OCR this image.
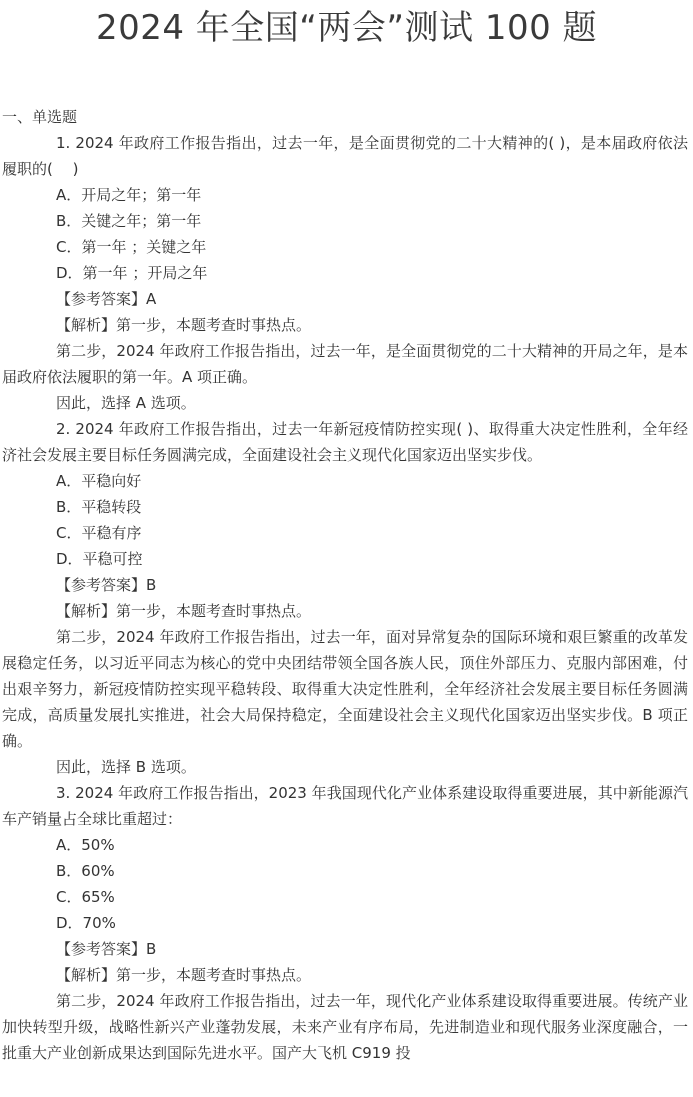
2024 年全国“两会”测试 100 题

一、单选题

1. 2024 年政府工作报告指出，过去一年，是全面贯彻党的二十大精神的( )，是本届政府依法履职的(　 )

A．开局之年；第一年

B．关键之年；第一年

C．第一年 ；关键之年

D．第一年 ；开局之年

【参考答案】A

【解析】第一步，本题考查时事热点。

第二步，2024 年政府工作报告指出，过去一年，是全面贯彻党的二十大精神的开局之年，是本届政府依法履职的第一年。A 项正确。

因此，选择 A 选项。

2. 2024 年政府工作报告指出，过去一年新冠疫情防控实现( )、取得重大决定性胜利，全年经济社会发展主要目标任务圆满完成，全面建设社会主义现代化国家迈出坚实步伐。

A．平稳向好

B．平稳转段

C．平稳有序

D．平稳可控

【参考答案】B

【解析】第一步，本题考查时事热点。

第二步，2024 年政府工作报告指出，过去一年，面对异常复杂的国际环境和艰巨繁重的改革发展稳定任务，以习近平同志为核心的党中央团结带领全国各族人民，顶住外部压力、克服内部困难，付出艰辛努力，新冠疫情防控实现平稳转段、取得重大决定性胜利，全年经济社会发展主要目标任务圆满完成，高质量发展扎实推进，社会大局保持稳定，全面建设社会主义现代化国家迈出坚实步伐。B 项正确。

因此，选择 B 选项。

3. 2024 年政府工作报告指出，2023 年我国现代化产业体系建设取得重要进展，其中新能源汽车产销量占全球比重超过：

A．50%

B．60%

C．65%

D．70%

【参考答案】B

【解析】第一步，本题考查时事热点。

第二步，2024 年政府工作报告指出，过去一年，现代化产业体系建设取得重要进展。传统产业加快转型升级，战略性新兴产业蓬勃发展，未来产业有序布局，先进制造业和现代服务业深度融合，一批重大产业创新成果达到国际先进水平。国产大飞机 C919 投
